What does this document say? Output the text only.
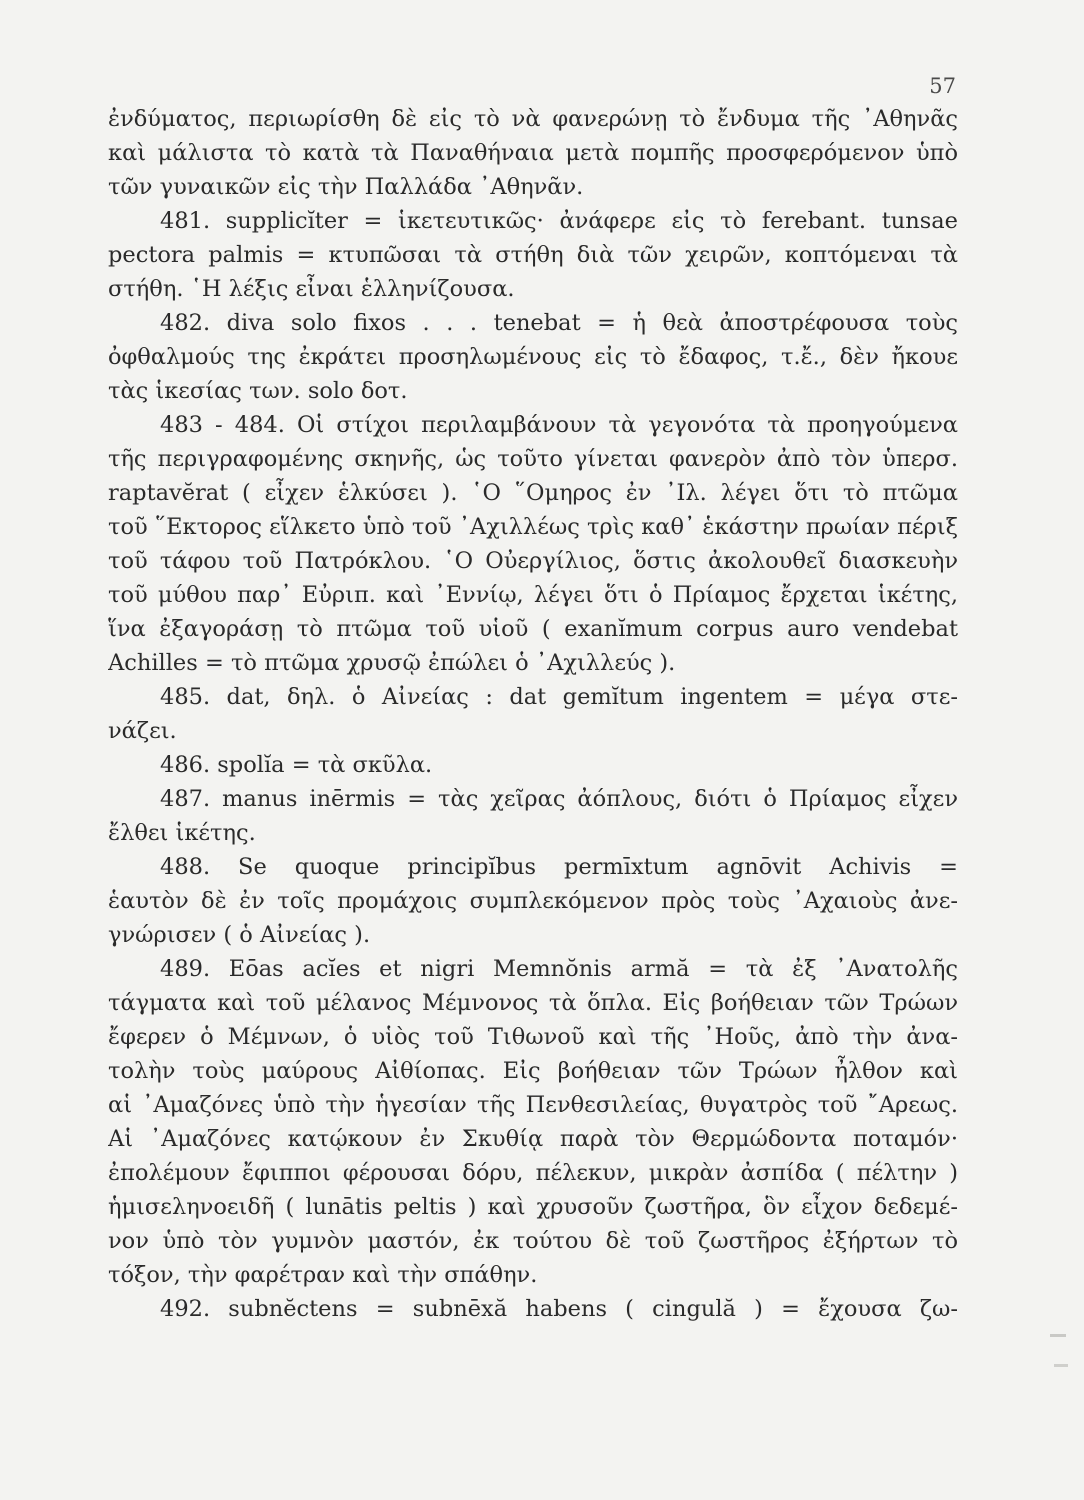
57
ἐνδύματος, περιωρίσθη δὲ εἰς τὸ νὰ φανερώνῃ τὸ ἔνδυμα τῆς ᾿Αθηνᾶς
καὶ μάλιστα τὸ κατὰ τὰ Παναθήναια μετὰ πομπῆς προσφερόμενον ὑπὸ
τῶν γυναικῶν εἰς τὴν Παλλάδα ᾿Αθηνᾶν.
481. supplicĭter = ἱκετευτικῶς· ἀνάφερε εἰς τὸ ferebant. tunsae
pectora palmis = κτυπῶσαι τὰ στήθη διὰ τῶν χειρῶν, κοπτόμεναι τὰ
στήθη. ῾Η λέξις εἶναι ἑλληνίζουσα.
482. diva solo fixos . . . tenebat = ἡ θεὰ ἀποστρέφουσα τοὺς
ὀφθαλμούς της ἐκράτει προσηλωμένους εἰς τὸ ἔδαφος, τ.ἔ., δὲν ἤκουε
τὰς ἱκεσίας των. solo δοτ.
483 - 484. Οἱ στίχοι περιλαμβάνουν τὰ γεγονότα τὰ προηγούμενα
τῆς περιγραφομένης σκηνῆς, ὡς τοῦτο γίνεται φανερὸν ἀπὸ τὸν ὑπερσ.
raptavĕrat ( εἶχεν ἑλκύσει ). ῾Ο ῞Ομηρος ἐν ᾿Ιλ. λέγει ὅτι τὸ πτῶμα
τοῦ ῞Εκτορος εἵλκετο ὑπὸ τοῦ ᾿Αχιλλέως τρὶς καθ᾿ ἑκάστην πρωίαν πέριξ
τοῦ τάφου τοῦ Πατρόκλου. ῾Ο Οὐεργίλιος, ὅστις ἀκολουθεῖ διασκευὴν
τοῦ μύθου παρ᾿ Εὐριπ. καὶ ᾿Εννίῳ, λέγει ὅτι ὁ Πρίαμος ἔρχεται ἱκέτης,
ἵνα ἐξαγοράσῃ τὸ πτῶμα τοῦ υἱοῦ ( exanĭmum corpus auro vendebat
Achilles = τὸ πτῶμα χρυσῷ ἐπώλει ὁ ᾿Αχιλλεύς ).
485. dat, δηλ. ὁ Αἰνείας : dat gemĭtum ingentem = μέγα στε-
νάζει.
486. spolĭa = τὰ σκῦλα.
487. manus inērmis = τὰς χεῖρας ἀόπλους, διότι ὁ Πρίαμος εἶχεν
ἔλθει ἱκέτης.
488. Se quoque principĭbus permīxtum agnōvit Achivis =
ἑαυτὸν δὲ ἐν τοῖς προμάχοις συμπλεκόμενον πρὸς τοὺς ᾿Αχαιοὺς ἀνε-
γνώρισεν ( ὁ Αἰνείας ).
489. Eōas acĭes et nigri Memnŏnis armă = τὰ ἐξ ᾿Ανατολῆς
τάγματα καὶ τοῦ μέλανος Μέμνονος τὰ ὅπλα. Εἰς βοήθειαν τῶν Τρώων
ἔφερεν ὁ Μέμνων, ὁ υἱὸς τοῦ Τιθωνοῦ καὶ τῆς ᾿Ηοῦς, ἀπὸ τὴν ἀνα-
τολὴν τοὺς μαύρους Αἰθίοπας. Εἰς βοήθειαν τῶν Τρώων ἦλθον καὶ
αἱ ᾿Αμαζόνες ὑπὸ τὴν ἡγεσίαν τῆς Πενθεσιλείας, θυγατρὸς τοῦ ῎Αρεως.
Αἱ ᾿Αμαζόνες κατῴκουν ἐν Σκυθίᾳ παρὰ τὸν Θερμώδοντα ποταμόν·
ἐπολέμουν ἔφιπποι φέρουσαι δόρυ, πέλεκυν, μικρὰν ἀσπίδα ( πέλτην )
ἡμισεληνοειδῆ ( lunātis peltis ) καὶ χρυσοῦν ζωστῆρα, ὃν εἶχον δεδεμέ-
νον ὑπὸ τὸν γυμνὸν μαστόν, ἐκ τούτου δὲ τοῦ ζωστῆρος ἐξήρτων τὸ
τόξον, τὴν φαρέτραν καὶ τὴν σπάθην.
492. subnĕctens = subnēxă habens ( cingulă ) = ἔχουσα ζω-
